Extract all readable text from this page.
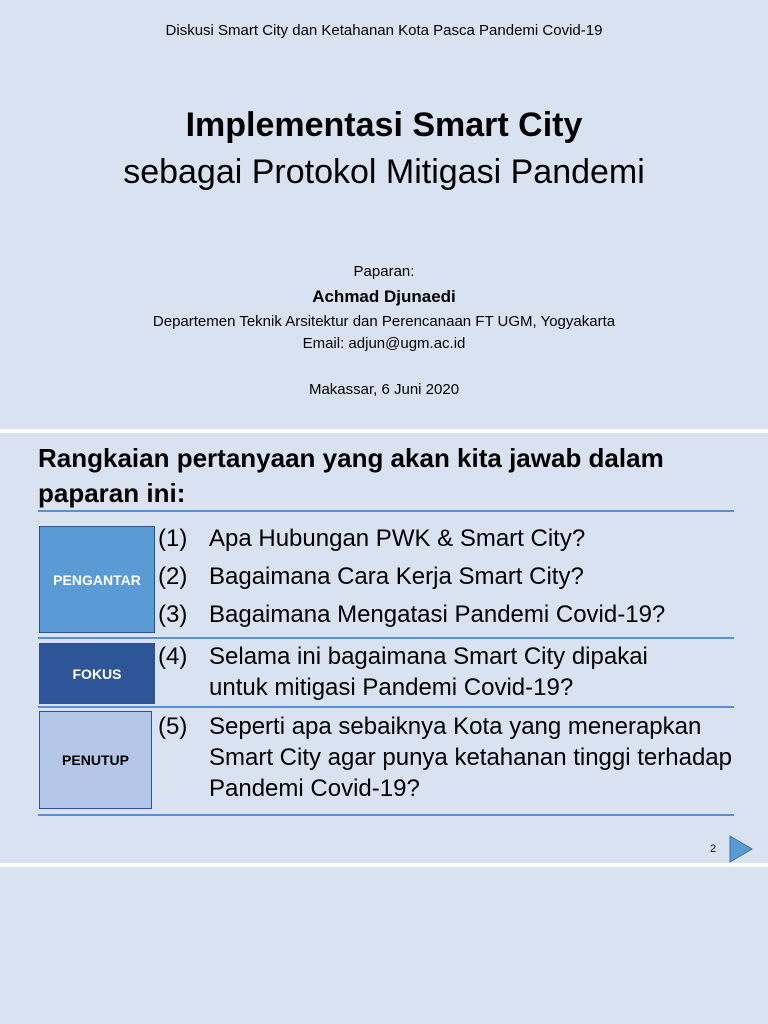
Diskusi Smart City dan Ketahanan Kota Pasca Pandemi Covid-19
Implementasi Smart City
sebagai Protokol Mitigasi Pandemi
Paparan:
Achmad Djunaedi
Departemen Teknik Arsitektur dan Perencanaan FT UGM, Yogyakarta
Email: adjun@ugm.ac.id
Makassar, 6 Juni 2020
Rangkaian pertanyaan yang akan kita jawab dalam paparan ini:
PENGANTAR
FOKUS
PENUTUP
(1) Apa Hubungan PWK & Smart City?
(2) Bagaimana Cara Kerja Smart City?
(3) Bagaimana Mengatasi Pandemi Covid-19?
(4) Selama ini bagaimana Smart City dipakai untuk mitigasi Pandemi Covid-19?
(5) Seperti apa sebaiknya Kota yang menerapkan Smart City agar punya ketahanan tinggi terhadap Pandemi Covid-19?
2
